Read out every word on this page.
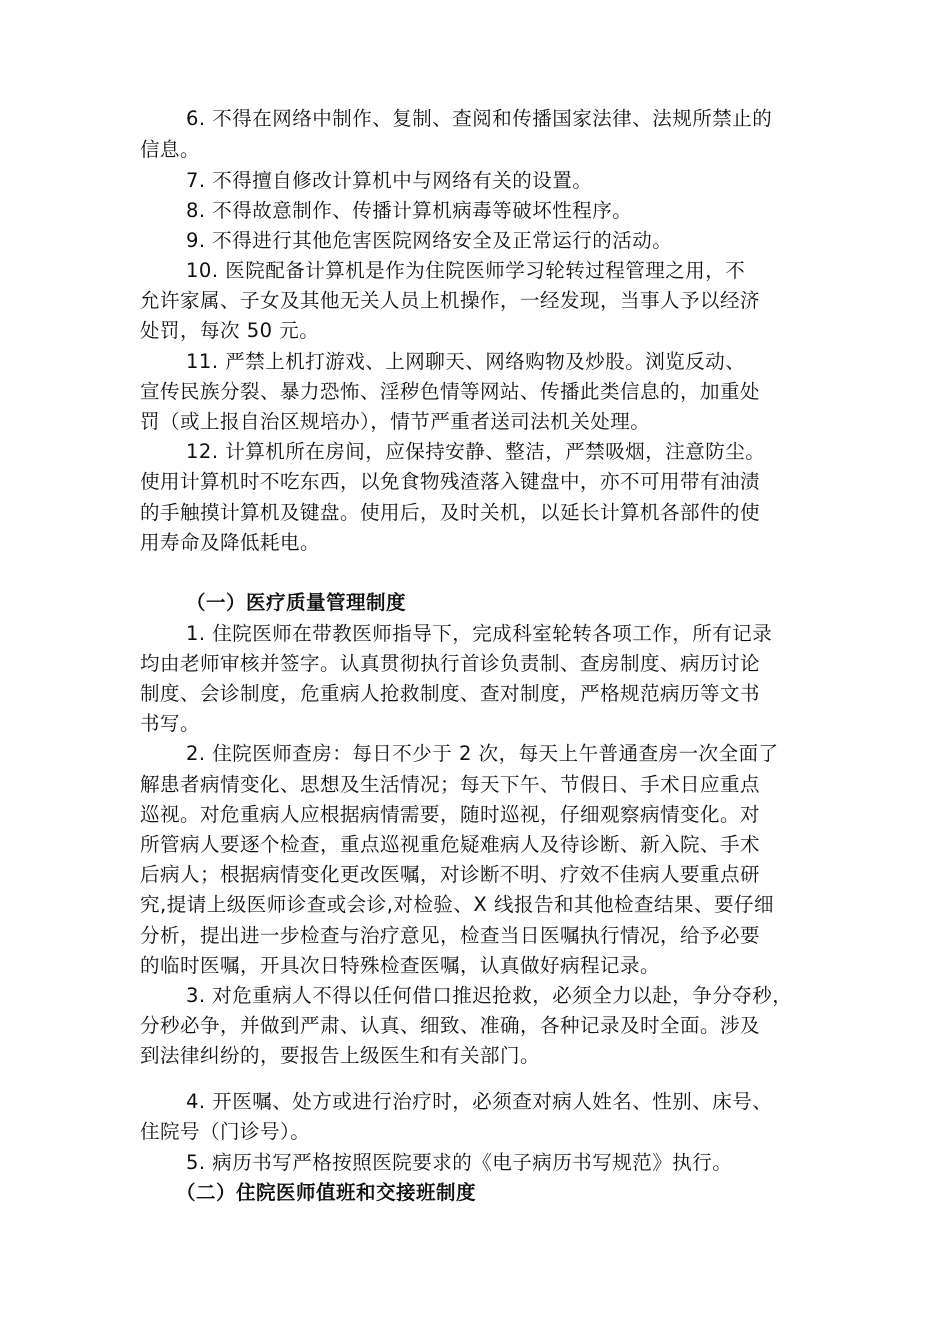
6. 不得在网络中制作、复制、查阅和传播国家法律、法规所禁止的
信息。
7. 不得擅自修改计算机中与网络有关的设置。
8. 不得故意制作、传播计算机病毒等破坏性程序。
9. 不得进行其他危害医院网络安全及正常运行的活动。
10. 医院配备计算机是作为住院医师学习轮转过程管理之用，不
允许家属、子女及其他无关人员上机操作，一经发现，当事人予以经济
处罚，每次 50 元。
11. 严禁上机打游戏、上网聊天、网络购物及炒股。浏览反动、
宣传民族分裂、暴力恐怖、淫秽色情等网站、传播此类信息的，加重处
罚（或上报自治区规培办），情节严重者送司法机关处理。
12. 计算机所在房间，应保持安静、整洁，严禁吸烟，注意防尘。
使用计算机时不吃东西，以免食物残渣落入键盘中，亦不可用带有油渍
的手触摸计算机及键盘。使用后，及时关机，以延长计算机各部件的使
用寿命及降低耗电。
（一）医疗质量管理制度
1. 住院医师在带教医师指导下，完成科室轮转各项工作，所有记录
均由老师审核并签字。认真贯彻执行首诊负责制、查房制度、病历讨论
制度、会诊制度，危重病人抢救制度、查对制度，严格规范病历等文书
书写。
2. 住院医师查房：每日不少于 2 次，每天上午普通查房一次全面了
解患者病情变化、思想及生活情况；每天下午、节假日、手术日应重点
巡视。对危重病人应根据病情需要，随时巡视，仔细观察病情变化。对
所管病人要逐个检查，重点巡视重危疑难病人及待诊断、新入院、手术
后病人；根据病情变化更改医嘱，对诊断不明、疗效不佳病人要重点研
究,提请上级医师诊查或会诊,对检验、X 线报告和其他检查结果、要仔细
分析，提出进一步检查与治疗意见，检查当日医嘱执行情况，给予必要
的临时医嘱，开具次日特殊检查医嘱，认真做好病程记录。
3. 对危重病人不得以任何借口推迟抢救，必须全力以赴，争分夺秒，
分秒必争，并做到严肃、认真、细致、准确，各种记录及时全面。涉及
到法律纠纷的，要报告上级医生和有关部门。
4. 开医嘱、处方或进行治疗时，必须查对病人姓名、性别、床号、
住院号（门诊号）。
5. 病历书写严格按照医院要求的《电子病历书写规范》执行。
（二）住院医师值班和交接班制度
